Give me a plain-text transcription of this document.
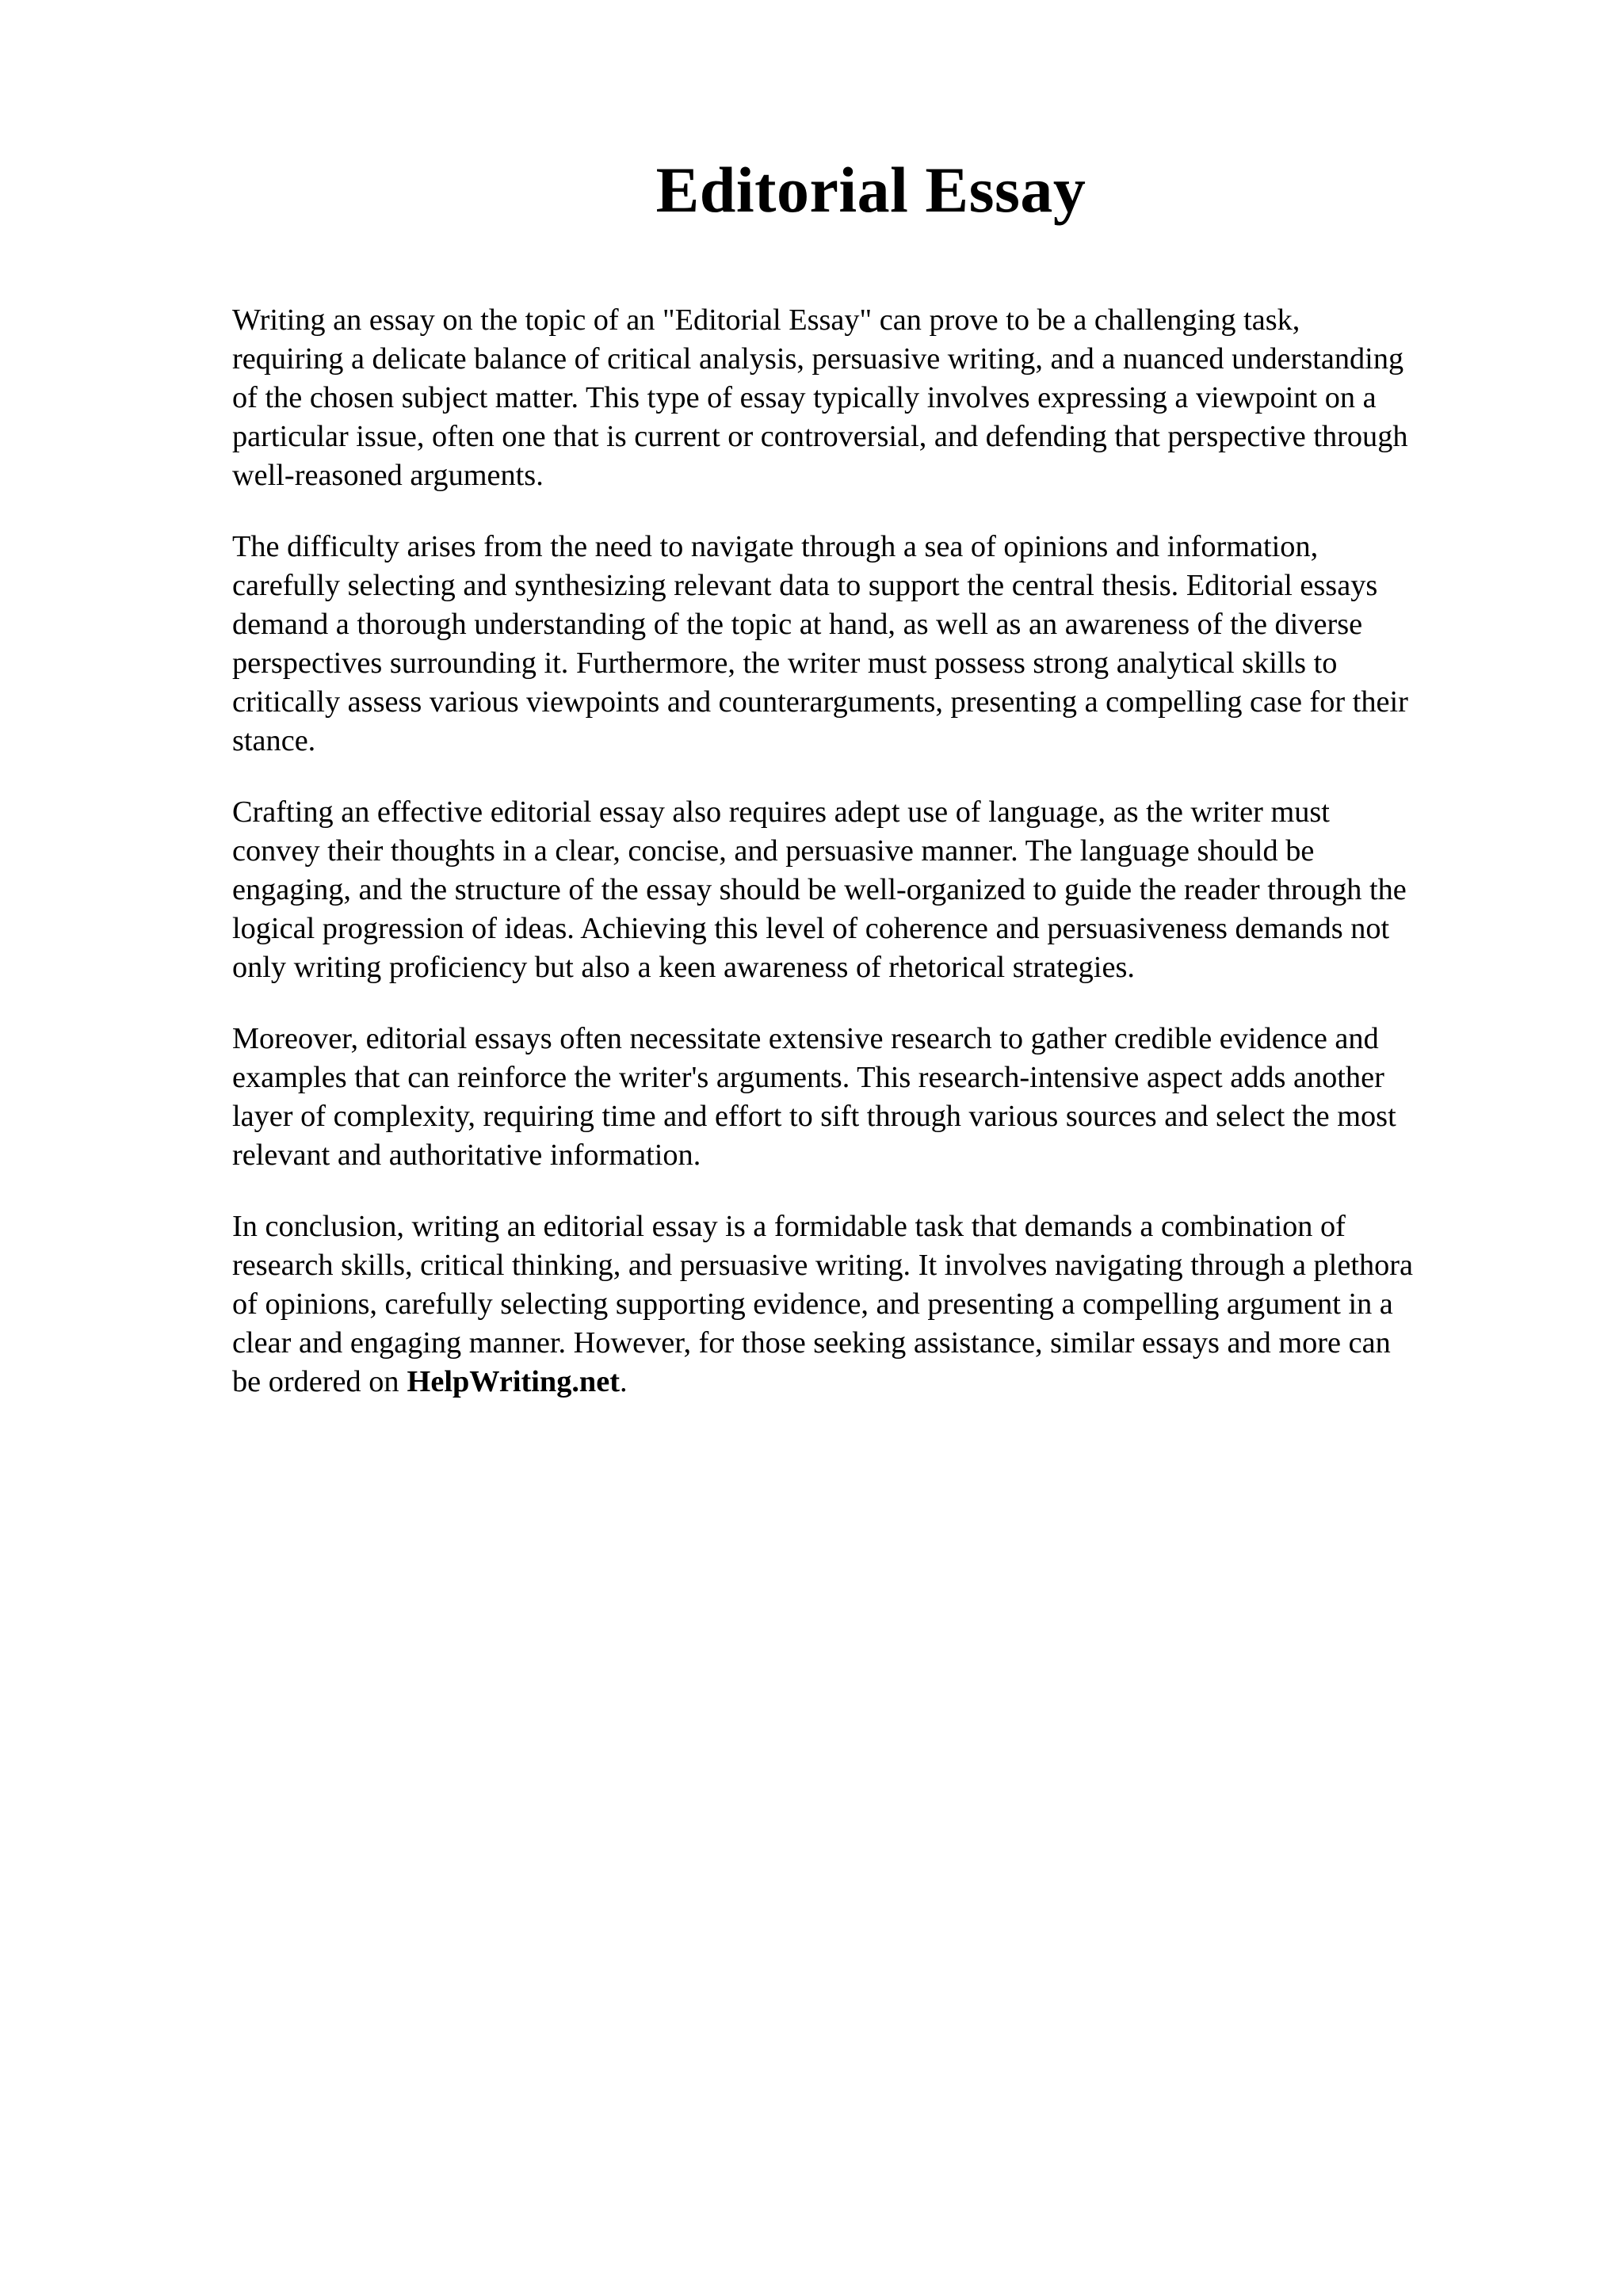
Editorial Essay

Writing an essay on the topic of an "Editorial Essay" can prove to be a challenging task,
requiring a delicate balance of critical analysis, persuasive writing, and a nuanced understanding
of the chosen subject matter. This type of essay typically involves expressing a viewpoint on a
particular issue, often one that is current or controversial, and defending that perspective through
well-reasoned arguments.

The difficulty arises from the need to navigate through a sea of opinions and information,
carefully selecting and synthesizing relevant data to support the central thesis. Editorial essays
demand a thorough understanding of the topic at hand, as well as an awareness of the diverse
perspectives surrounding it. Furthermore, the writer must possess strong analytical skills to
critically assess various viewpoints and counterarguments, presenting a compelling case for their
stance.

Crafting an effective editorial essay also requires adept use of language, as the writer must
convey their thoughts in a clear, concise, and persuasive manner. The language should be
engaging, and the structure of the essay should be well-organized to guide the reader through the
logical progression of ideas. Achieving this level of coherence and persuasiveness demands not
only writing proficiency but also a keen awareness of rhetorical strategies.

Moreover, editorial essays often necessitate extensive research to gather credible evidence and
examples that can reinforce the writer's arguments. This research-intensive aspect adds another
layer of complexity, requiring time and effort to sift through various sources and select the most
relevant and authoritative information.

In conclusion, writing an editorial essay is a formidable task that demands a combination of
research skills, critical thinking, and persuasive writing. It involves navigating through a plethora
of opinions, carefully selecting supporting evidence, and presenting a compelling argument in a
clear and engaging manner. However, for those seeking assistance, similar essays and more can
be ordered on HelpWriting.net.
